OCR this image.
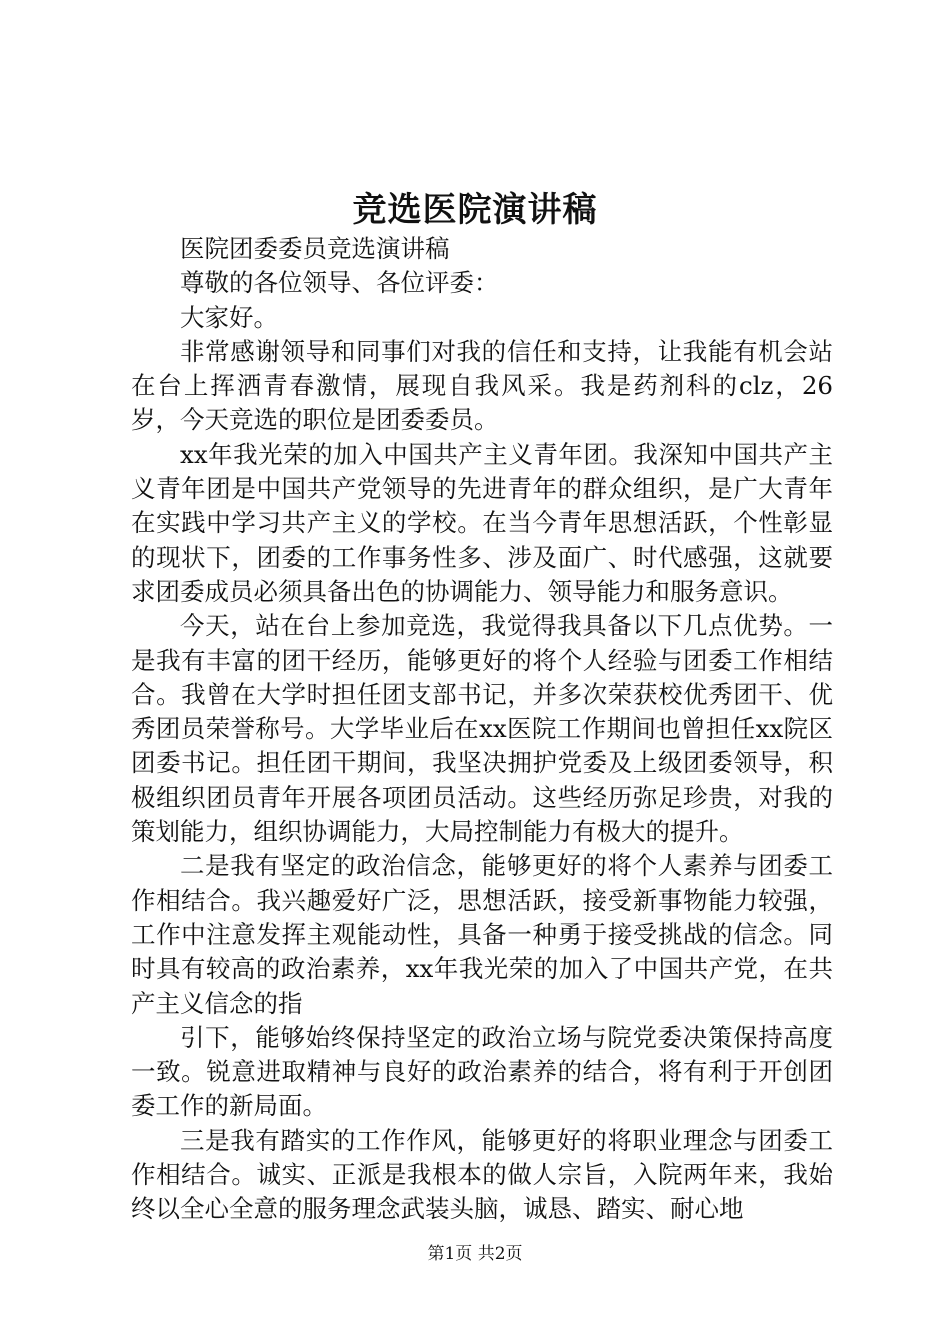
竞选医院演讲稿

医院团委委员竞选演讲稿

尊敬的各位领导、各位评委：

大家好。

非常感谢领导和同事们对我的信任和支持，让我能有机会站在台上挥洒青春激情，展现自我风采。我是药剂科的clz，26岁，今天竞选的职位是团委委员。

xx年我光荣的加入中国共产主义青年团。我深知中国共产主义青年团是中国共产党领导的先进青年的群众组织，是广大青年在实践中学习共产主义的学校。在当今青年思想活跃，个性彰显的现状下，团委的工作事务性多、涉及面广、时代感强，这就要求团委成员必须具备出色的协调能力、领导能力和服务意识。

今天，站在台上参加竞选，我觉得我具备以下几点优势。一是我有丰富的团干经历，能够更好的将个人经验与团委工作相结合。我曾在大学时担任团支部书记，并多次荣获校优秀团干、优秀团员荣誉称号。大学毕业后在xx医院工作期间也曾担任xx院区团委书记。担任团干期间，我坚决拥护党委及上级团委领导，积极组织团员青年开展各项团员活动。这些经历弥足珍贵，对我的策划能力，组织协调能力，大局控制能力有极大的提升。

二是我有坚定的政治信念，能够更好的将个人素养与团委工作相结合。我兴趣爱好广泛，思想活跃，接受新事物能力较强，工作中注意发挥主观能动性，具备一种勇于接受挑战的信念。同时具有较高的政治素养，xx年我光荣的加入了中国共产党，在共产主义信念的指

引下，能够始终保持坚定的政治立场与院党委决策保持高度一致。锐意进取精神与良好的政治素养的结合，将有利于开创团委工作的新局面。

三是我有踏实的工作作风，能够更好的将职业理念与团委工作相结合。诚实、正派是我根本的做人宗旨，入院两年来，我始终以全心全意的服务理念武装头脑，诚恳、踏实、耐心地

第1页 共2页
